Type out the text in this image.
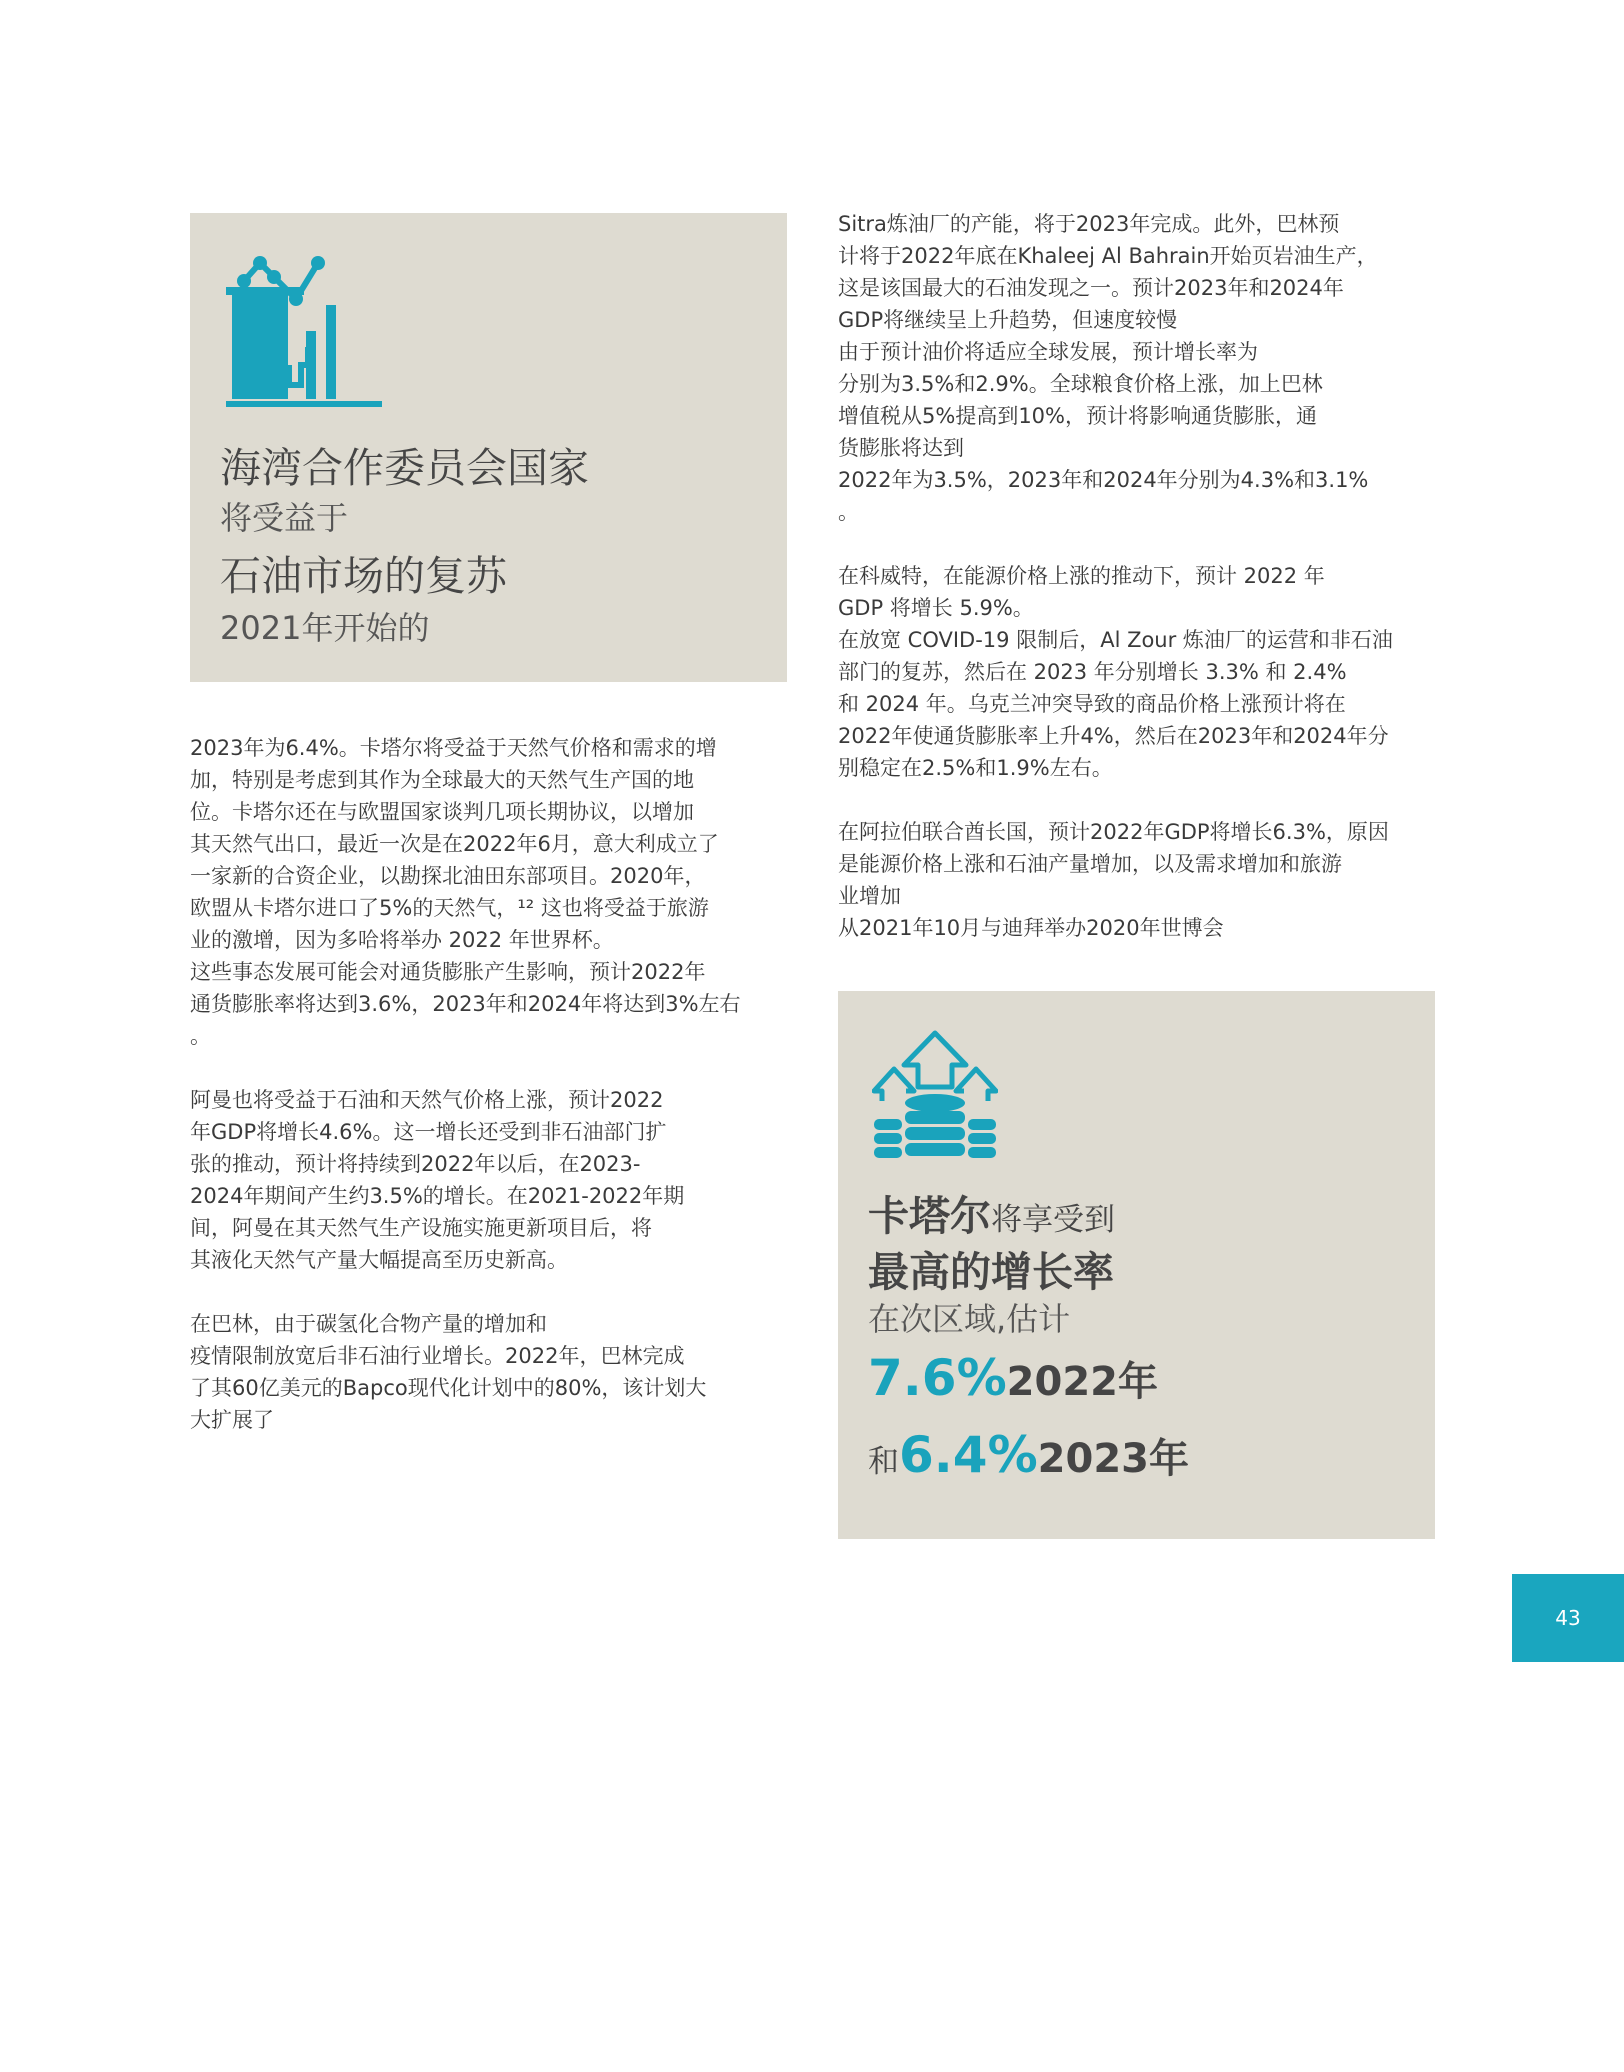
海湾合作委员会国家
将受益于
石油市场的复苏
2021年开始的

2023年为6.4%。卡塔尔将受益于天然气价格和需求的增

加，特别是考虑到其作为全球最大的天然气生产国的地

位。卡塔尔还在与欧盟国家谈判几项长期协议，以增加

其天然气出口，最近一次是在2022年6月，意大利成立了

一家新的合资企业，以勘探北油田东部项目。2020年，

欧盟从卡塔尔进口了5%的天然气，¹² 这也将受益于旅游

业的激增，因为多哈将举办 2022 年世界杯。

这些事态发展可能会对通货膨胀产生影响，预计2022年

通货膨胀率将达到3.6%，2023年和2024年将达到3%左右

。

阿曼也将受益于石油和天然气价格上涨，预计2022

年GDP将增长4.6%。这一增长还受到非石油部门扩

张的推动，预计将持续到2022年以后，在2023-

2024年期间产生约3.5%的增长。在2021-2022年期

间，阿曼在其天然气生产设施实施更新项目后，将

其液化天然气产量大幅提高至历史新高。

在巴林，由于碳氢化合物产量的增加和

疫情限制放宽后非石油行业增长。2022年，巴林完成

了其60亿美元的Bapco现代化计划中的80%，该计划大

大扩展了

Sitra炼油厂的产能，将于2023年完成。此外，巴林预

计将于2022年底在Khaleej Al Bahrain开始页岩油生产，

这是该国最大的石油发现之一。预计2023年和2024年

GDP将继续呈上升趋势，但速度较慢

由于预计油价将适应全球发展，预计增长率为

分别为3.5%和2.9%。全球粮食价格上涨，加上巴林

增值税从5%提高到10%，预计将影响通货膨胀，通

货膨胀将达到

2022年为3.5%，2023年和2024年分别为4.3%和3.1%

。

在科威特，在能源价格上涨的推动下，预计 2022 年

GDP 将增长 5.9%。

在放宽 COVID-19 限制后，Al Zour 炼油厂的运营和非石油

部门的复苏，然后在 2023 年分别增长 3.3% 和 2.4%

和 2024 年。乌克兰冲突导致的商品价格上涨预计将在

2022年使通货膨胀率上升4%，然后在2023年和2024年分

别稳定在2.5%和1.9%左右。

在阿拉伯联合酋长国，预计2022年GDP将增长6.3%，原因

是能源价格上涨和石油产量增加，以及需求增加和旅游

业增加

从2021年10月与迪拜举办2020年世博会

卡塔尔将享受到
最高的增长率
在次区域,估计
7.6%2022年
和6.4%2023年
43
